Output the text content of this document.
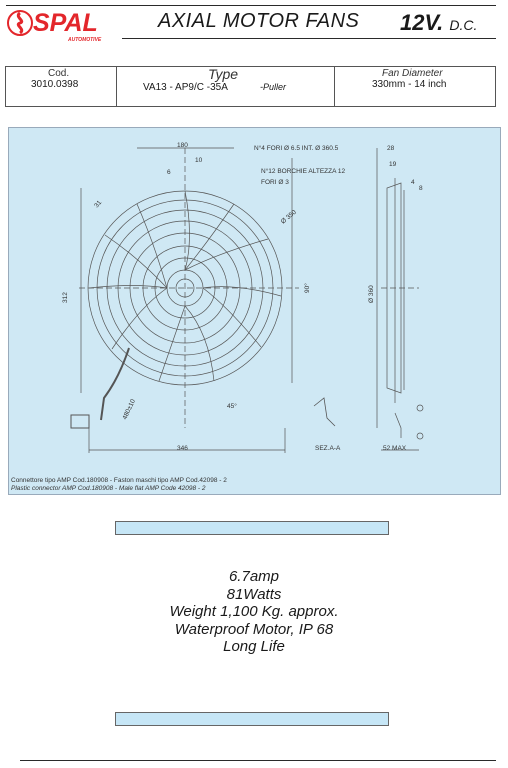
SPAL
AUTOMOTIVE
AXIAL MOTOR FANS 12V. D.C.
Cod.
3010.0398
Type
VA13 - AP9/C -35A	-Puller
Fan Diameter
330mm - 14 inch
180
10
6
N°4 FORI Ø 6.5 INT. Ø 360.5
N°12 BORCHIE ALTEZZA 12
FORI Ø 3
28
19
4
8
Ø 350
Ø 360
312
90°
45°
346	52 MAX
480±10
31
SEZ.A-A
Connettore tipo AMP Cod.180908 - Faston maschi tipo AMP Cod.42098 - 2
Plastic connector AMP Cod.180908 - Male flat AMP Code 42098 - 2
6.7amp
81Watts
Weight 1,100 Kg. approx.
Waterproof Motor, IP 68
Long Life
